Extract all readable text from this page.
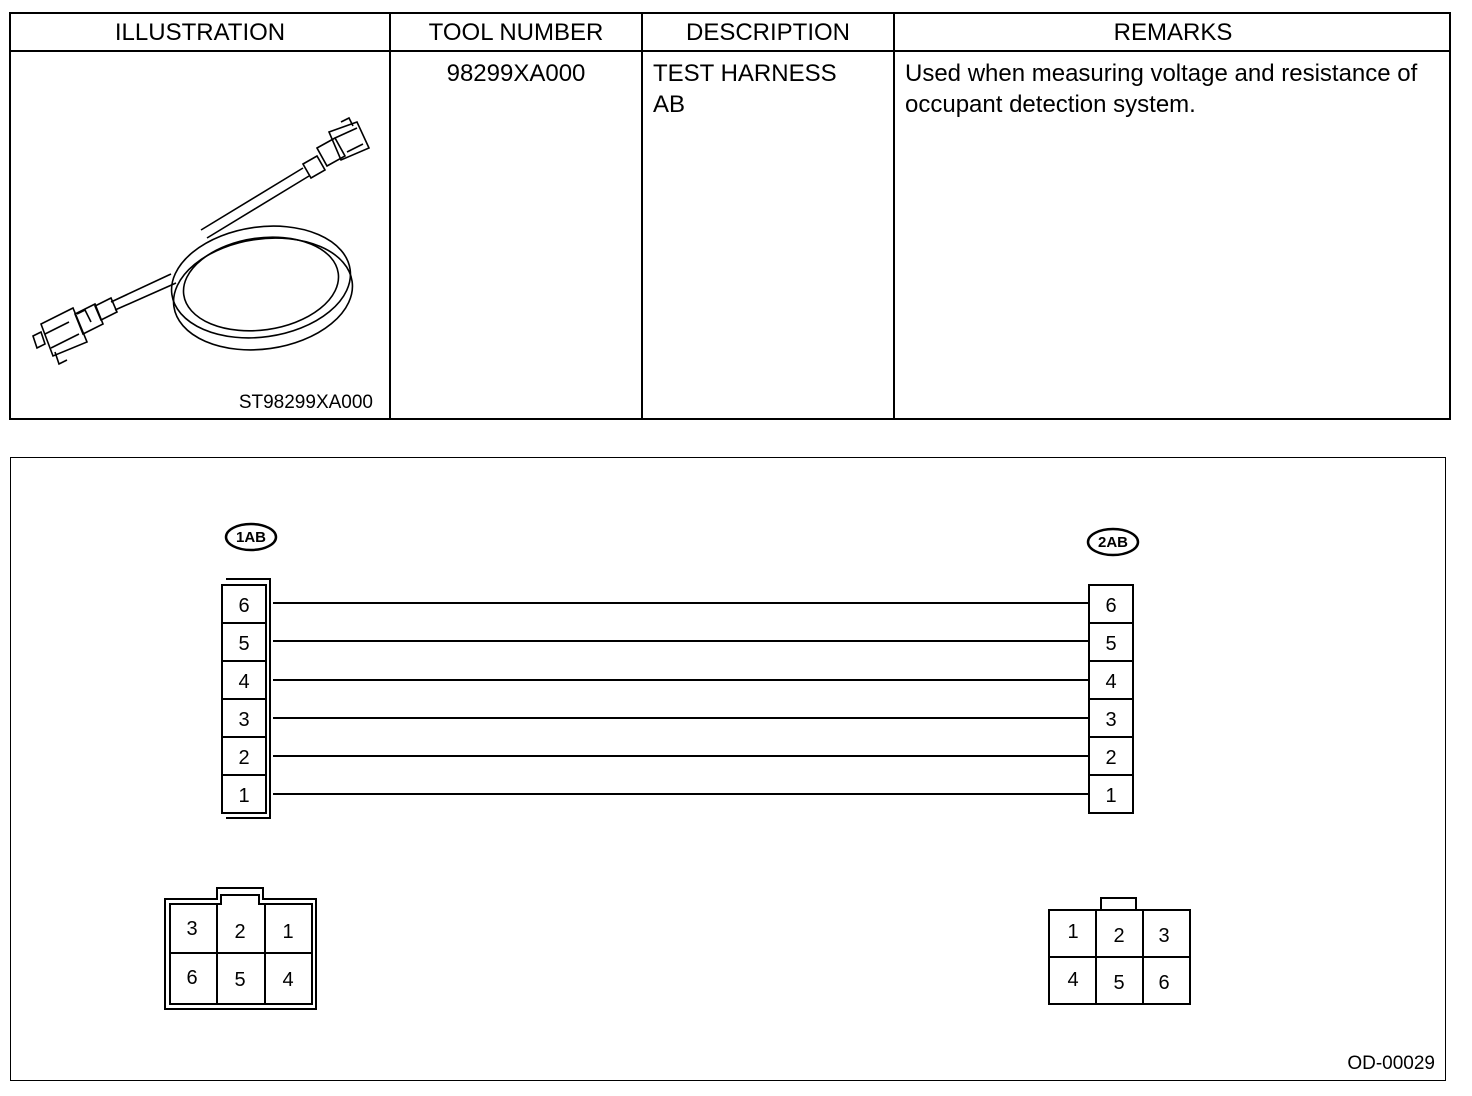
ILLUSTRATION
ST98299XA000
TOOL NUMBER
98299XA000
DESCRIPTION
TEST HARNESS
AB
REMARKS
Used when measuring voltage and resistance of
occupant detection system.
1AB	2AB
6
5
4
3
2
1
6
5
4
3
2
1
3 2 1
6 5 4
1 2 3
4 5 6
OD-00029
